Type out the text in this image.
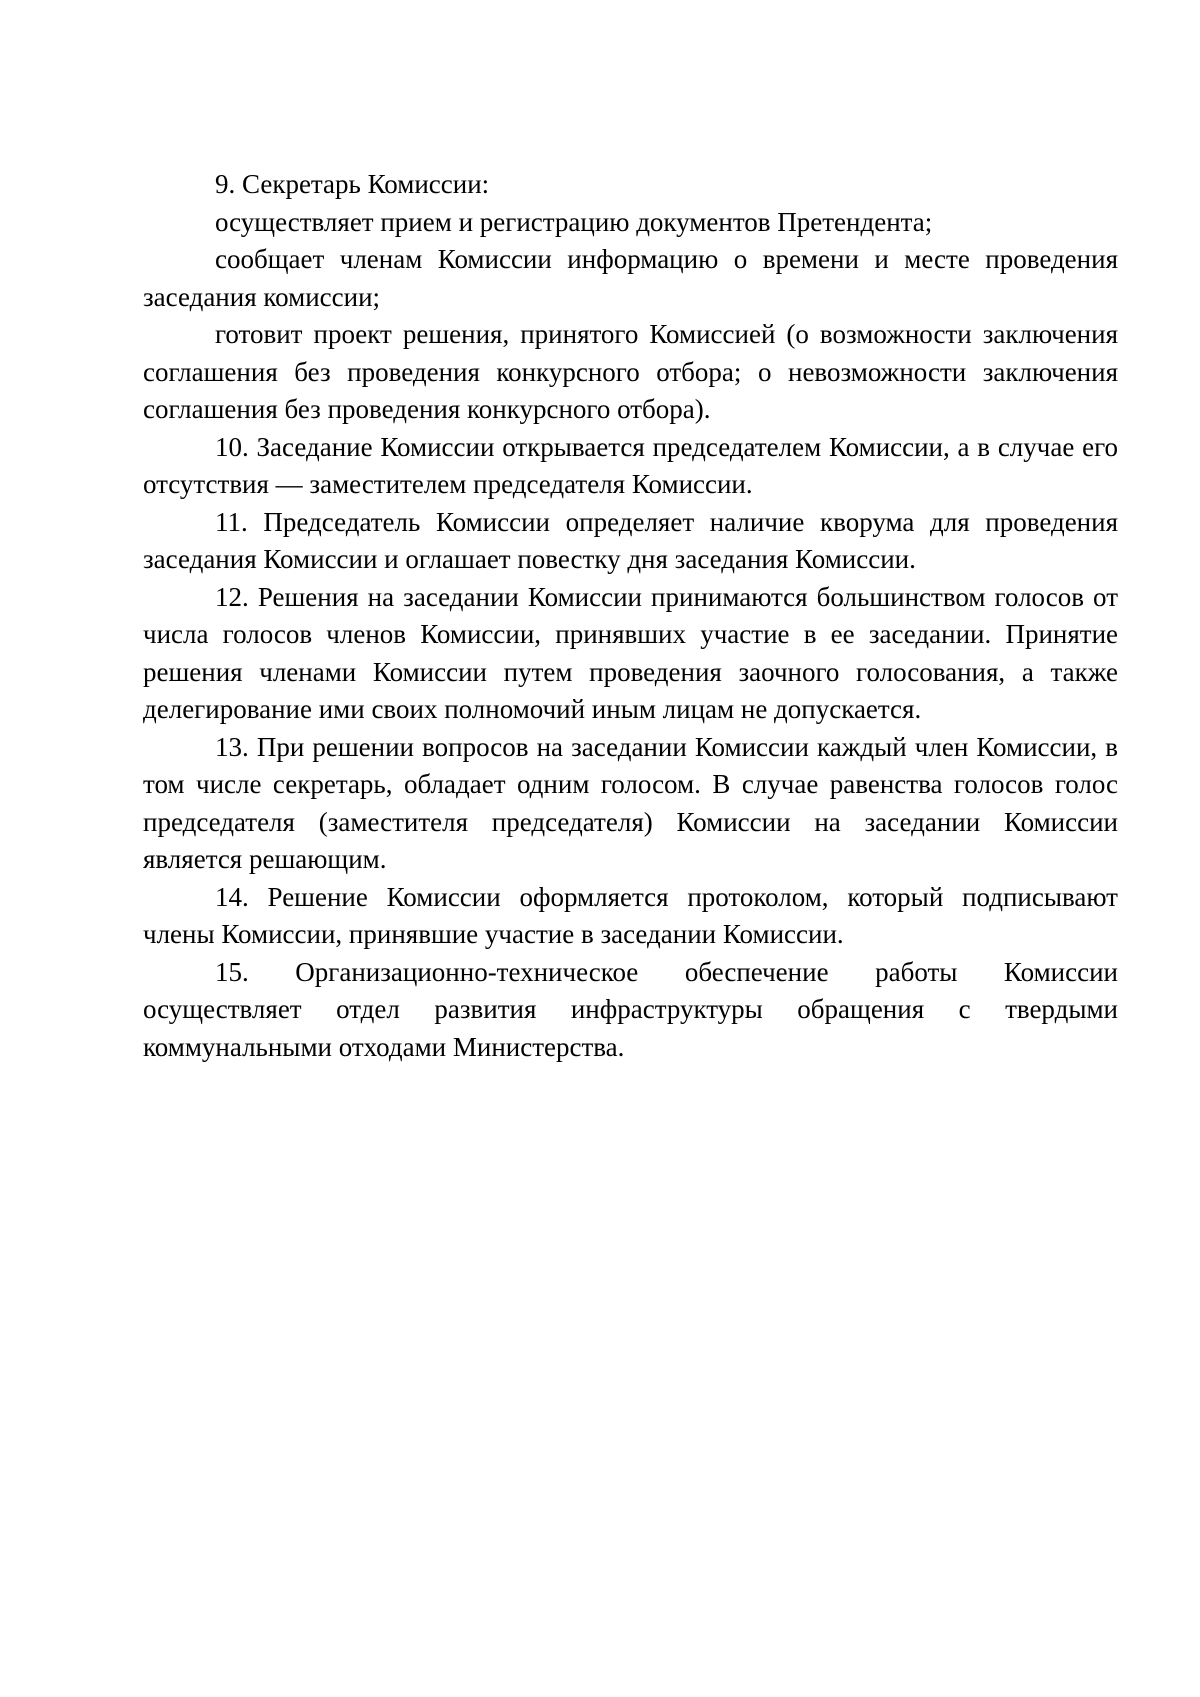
9. Секретарь Комиссии:

осуществляет прием и регистрацию документов Претендента;

сообщает членам Комиссии информацию о времени и месте проведения заседания комиссии;

готовит проект решения, принятого Комиссией (о возможности заключения соглашения без проведения конкурсного отбора; о невозможности заключения соглашения без проведения конкурсного отбора).

10. Заседание Комиссии открывается председателем Комиссии, а в случае его отсутствия — заместителем председателя Комиссии.

11. Председатель Комиссии определяет наличие кворума для проведения заседания Комиссии и оглашает повестку дня заседания Комиссии.

12. Решения на заседании Комиссии принимаются большинством голосов от числа голосов членов Комиссии, принявших участие в ее заседании. Принятие решения членами Комиссии путем проведения заочного голосования, а также делегирование ими своих полномочий иным лицам не допускается.

13. При решении вопросов на заседании Комиссии каждый член Комиссии, в том числе секретарь, обладает одним голосом. В случае равенства голосов голос председателя (заместителя председателя) Комиссии на заседании Комиссии является решающим.

14. Решение Комиссии оформляется протоколом, который подписывают члены Комиссии, принявшие участие в заседании Комиссии.

15. Организационно-техническое обеспечение работы Комиссии осуществляет отдел развития инфраструктуры обращения с твердыми коммунальными отходами Министерства.
